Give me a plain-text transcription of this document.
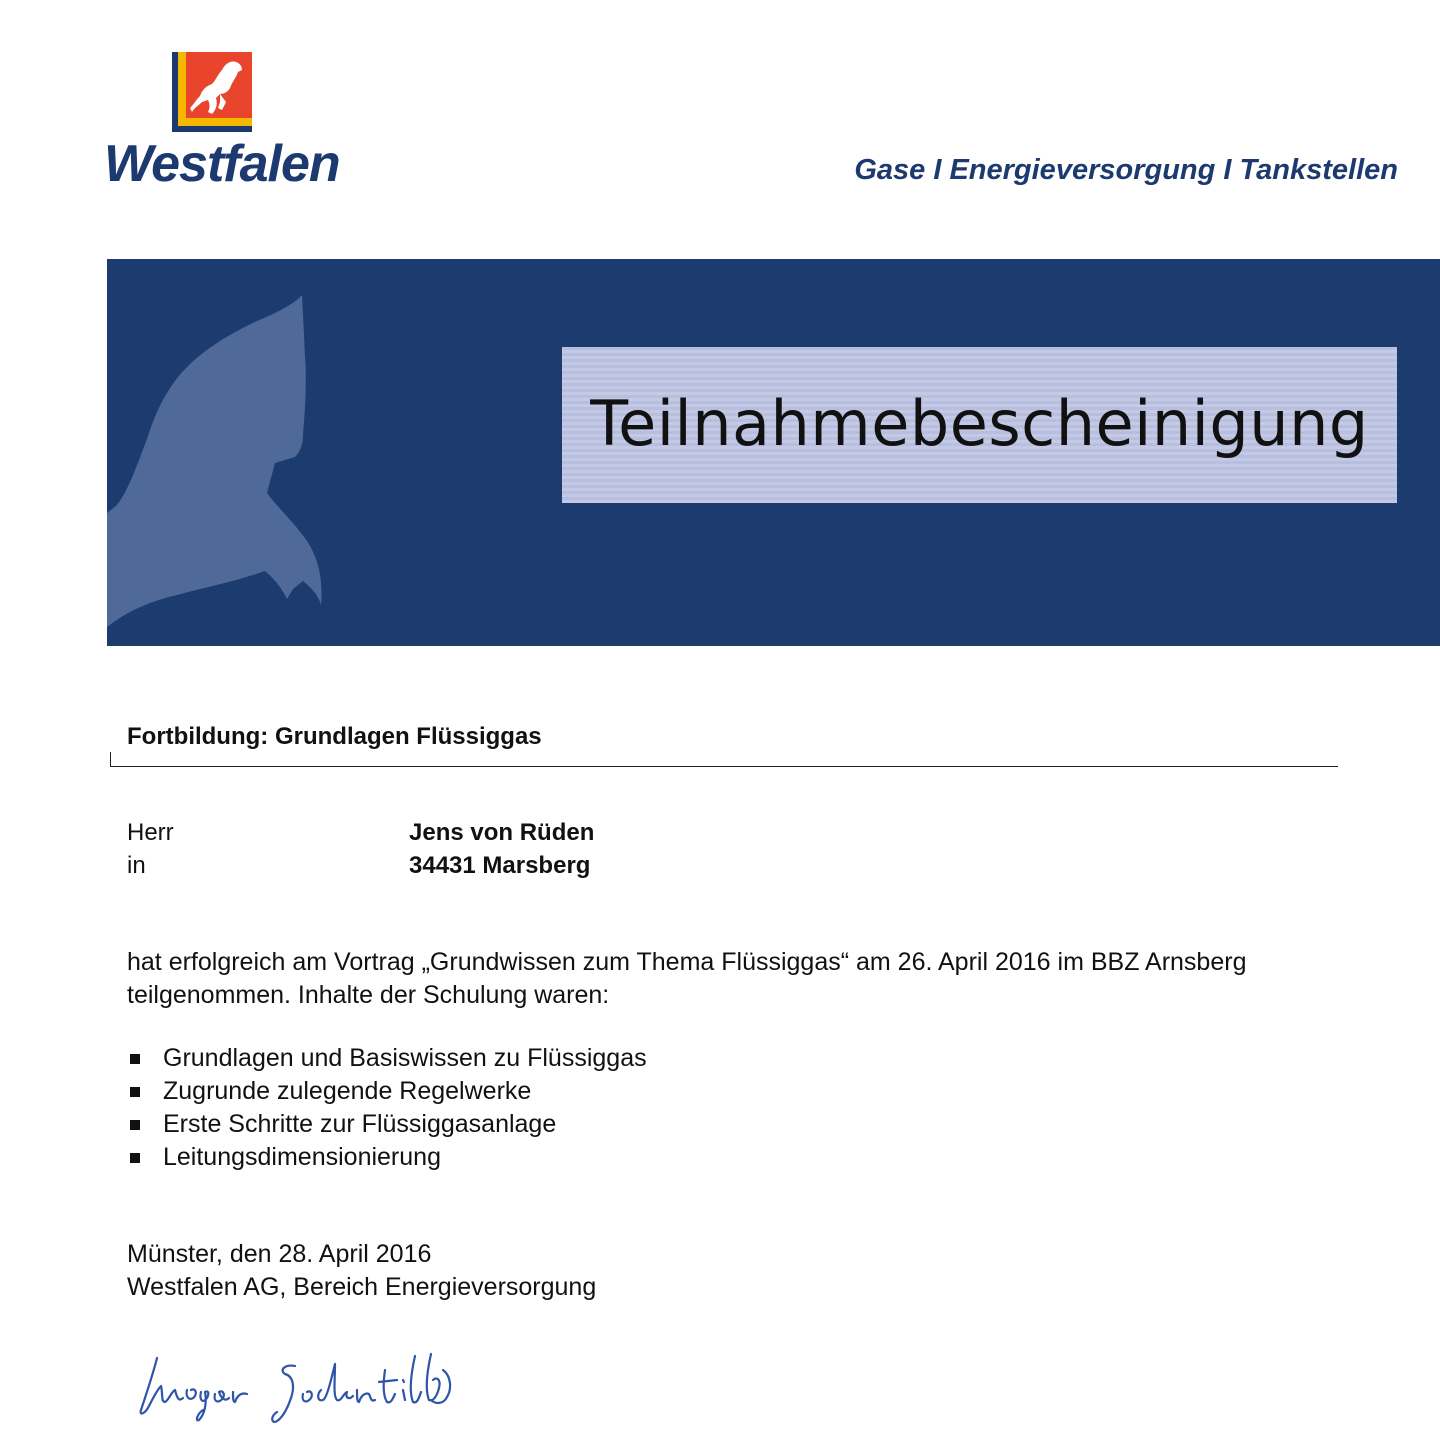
Westfalen	Gase I Energieversorgung I Tankstellen
Teilnahmebescheinigung
Fortbildung: Grundlagen Flüssiggas
Herr	Jens von Rüden
in	34431 Marsberg
hat erfolgreich am Vortrag „Grundwissen zum Thema Flüssiggas“ am 26. April 2016 im BBZ Arnsberg teilgenommen. Inhalte der Schulung waren:
Grundlagen und Basiswissen zu Flüssiggas
Zugrunde zulegende Regelwerke
Erste Schritte zur Flüssiggasanlage
Leitungsdimensionierung
Münster, den 28. April 2016
Westfalen AG, Bereich Energieversorgung
